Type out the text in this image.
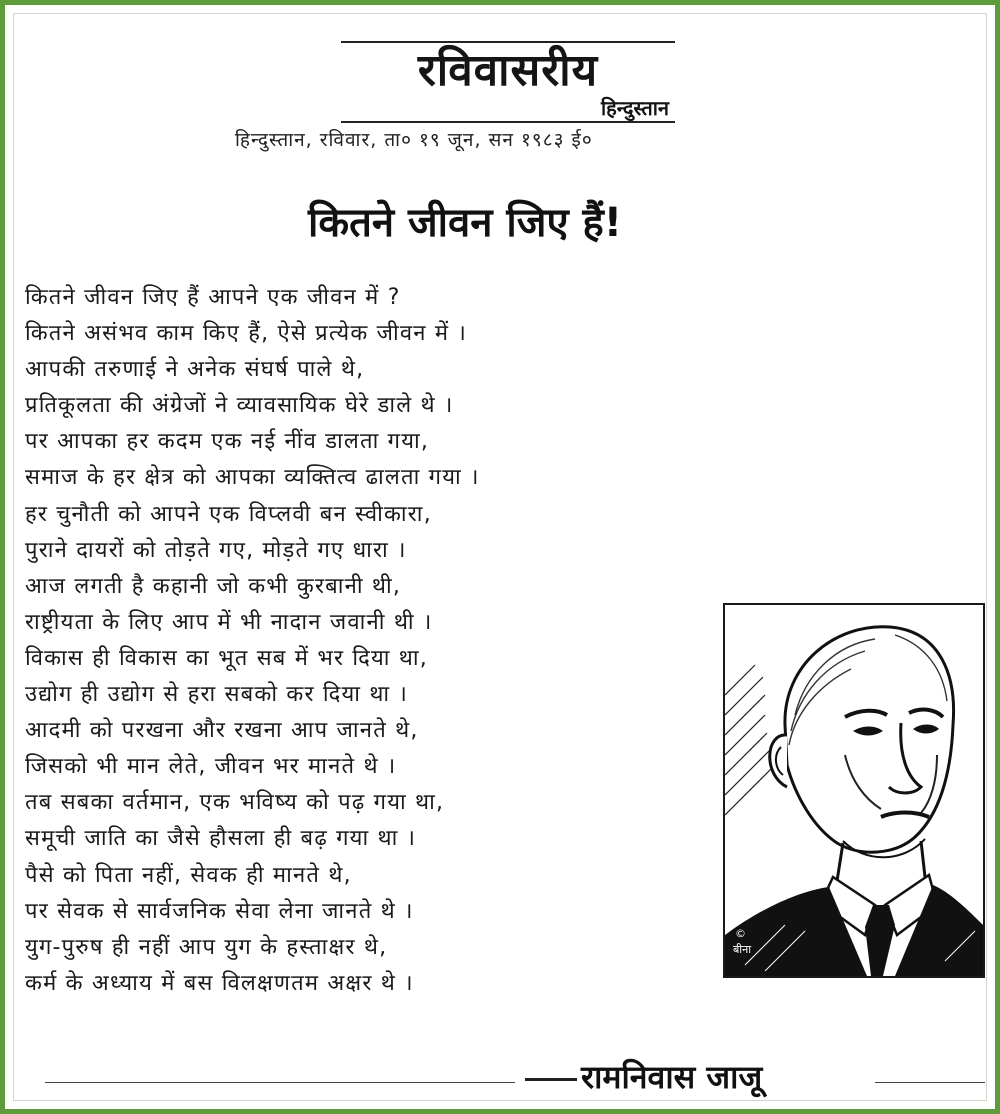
रविवासरीय
हिन्दुस्तान
हिन्दुस्तान, रविवार, ता० १९ जून, सन १९८३ ई०
कितने जीवन जिए हैं!
कितने जीवन जिए हैं आपने एक जीवन में ?
कितने असंभव काम किए हैं, ऐसे प्रत्येक जीवन में ।
आपकी तरुणाई ने अनेक संघर्ष पाले थे,
प्रतिकूलता की अंग्रेजों ने व्यावसायिक घेरे डाले थे ।
पर आपका हर कदम एक नई नींव डालता गया,
समाज के हर क्षेत्र को आपका व्यक्तित्व ढालता गया ।
हर चुनौती को आपने एक विप्लवी बन स्वीकारा,
पुराने दायरों को तोड़ते गए, मोड़ते गए धारा ।
आज लगती है कहानी जो कभी कुरबानी थी,
राष्ट्रीयता के लिए आप में भी नादान जवानी थी ।
विकास ही विकास का भूत सब में भर दिया था,
उद्योग ही उद्योग से हरा सबको कर दिया था ।
आदमी को परखना और रखना आप जानते थे,
जिसको भी मान लेते, जीवन भर मानते थे ।
तब सबका वर्तमान, एक भविष्य को पढ़ गया था,
समूची जाति का जैसे हौसला ही बढ़ गया था ।
पैसे को पिता नहीं, सेवक ही मानते थे,
पर सेवक से सार्वजनिक सेवा लेना जानते थे ।
युग-पुरुष ही नहीं आप युग के हस्ताक्षर थे,
कर्म के अध्याय में बस विलक्षणतम अक्षर थे ।
©
बीना
रामनिवास जाजू
